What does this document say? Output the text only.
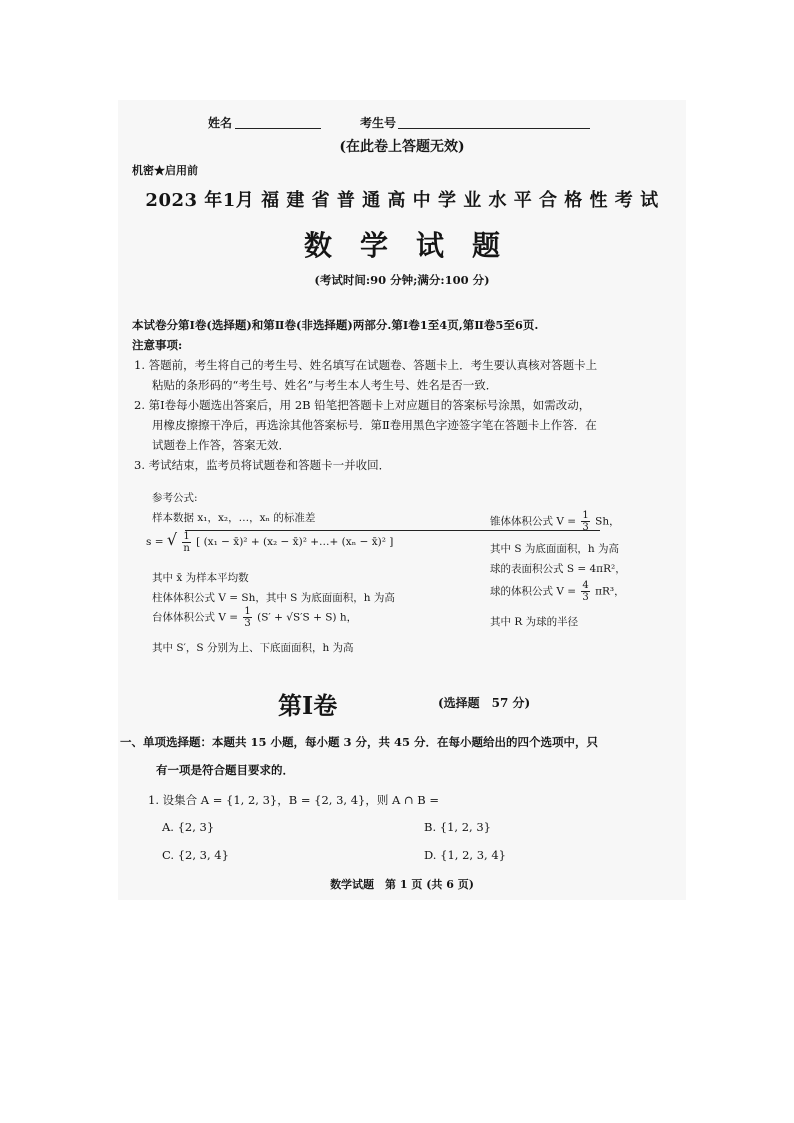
姓名	考生号
(在此卷上答题无效)
机密★启用前
2023 年1月 福 建 省 普 通 高 中 学 业 水 平 合 格 性 考 试
数　学　试　题
(考试时间:90 分钟;满分:100 分)
本试卷分第Ⅰ卷(选择题)和第Ⅱ卷(非选择题)两部分.第Ⅰ卷1至4页,第Ⅱ卷5至6页.
注意事项:
1. 答题前，考生将自己的考生号、姓名填写在试题卷、答题卡上．考生要认真核对答题卡上
粘贴的条形码的“考生号、姓名”与考生本人考生号、姓名是否一致．
2. 第Ⅰ卷每小题选出答案后，用 2B 铅笔把答题卡上对应题目的答案标号涂黑，如需改动，
用橡皮擦擦干净后，再选涂其他答案标号．第Ⅱ卷用黑色字迹签字笔在答题卡上作答．在
试题卷上作答，答案无效．
3. 考试结束，监考员将试题卷和答题卡一并收回．
参考公式:
样本数据 x₁，x₂，…，xₙ 的标准差
s = √ $\frac{1}{n}$ [ (x₁ − x̄)² + (x₂ − x̄)² +…+ (xₙ − x̄)² ]
其中 x̄ 为样本平均数
柱体体积公式 V = Sh，其中 S 为底面面积，h 为高
台体体积公式 $V = \frac{1}{3} (S' + √S'S + S)$ h，
其中 S′，S 分别为上、下底面面积，h 为高
锥体体积公式 $V = \frac{1}{3}$ Sh，
其中 S 为底面面积，h 为高
球的表面积公式 S = 4πR²，
球的体积公式 $V = \frac{4}{3} \pi R^3$，
其中 R 为球的半径
第Ⅰ卷	(选择题　57 分)
一、单项选择题：本题共 15 小题，每小题 3 分，共 45 分．在每小题给出的四个选项中，只
有一项是符合题目要求的．
1. 设集合 A = {1, 2, 3}，B = {2, 3, 4}，则 A ∩ B =
A. {2, 3}	B. {1, 2, 3}
C. {2, 3, 4}	D. {1, 2, 3, 4}
数学试题　第 1 页 (共 6 页)
